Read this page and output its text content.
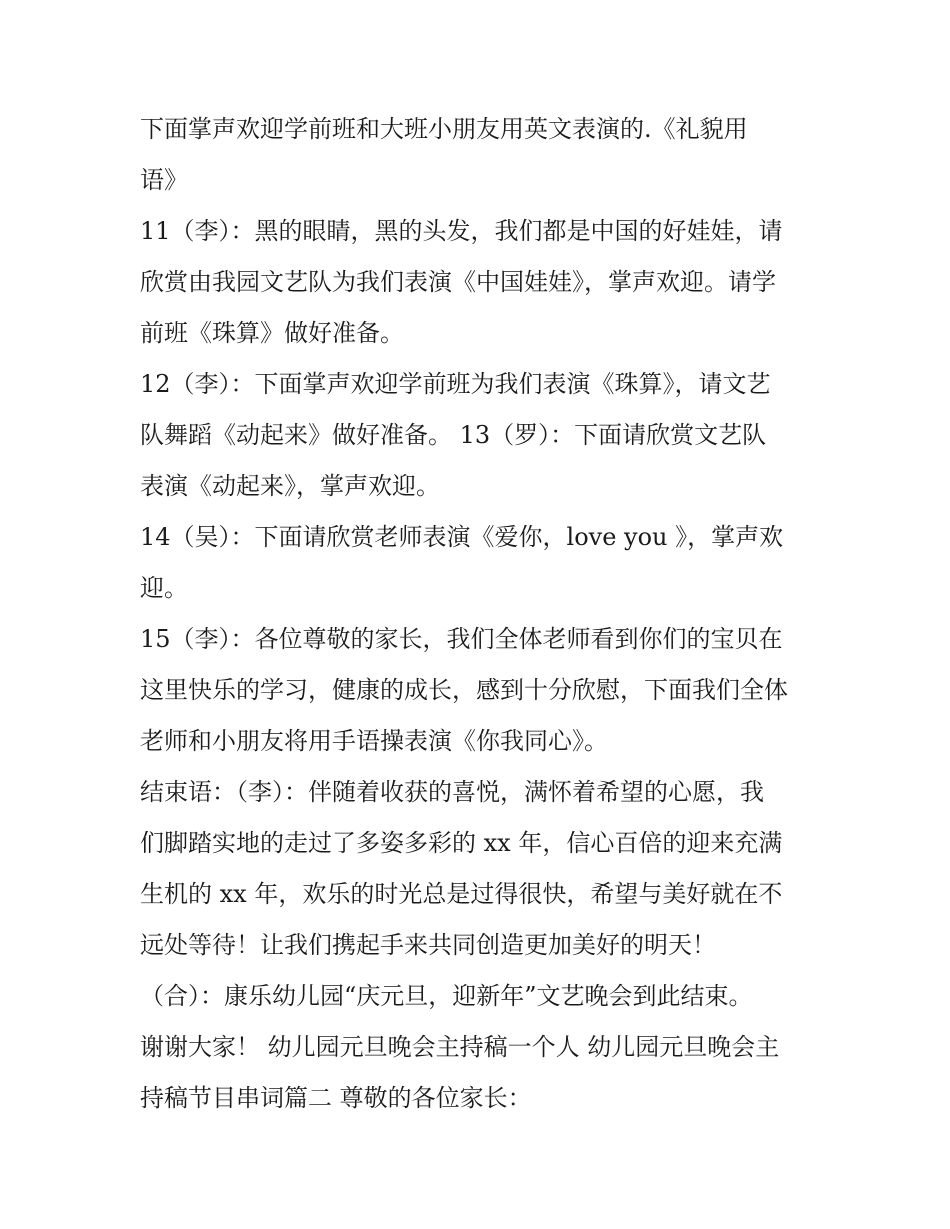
下面掌声欢迎学前班和大班小朋友用英文表演的.《礼貌用
语》
11（李）：黑的眼睛，黑的头发，我们都是中国的好娃娃，请
欣赏由我园文艺队为我们表演《中国娃娃》，掌声欢迎。请学
前班《珠算》做好准备。
12（李）：下面掌声欢迎学前班为我们表演《珠算》，请文艺
队舞蹈《动起来》做好准备。 13（罗）：下面请欣赏文艺队
表演《动起来》，掌声欢迎。
14（吴）：下面请欣赏老师表演《爱你，love you 》，掌声欢
迎。
15（李）：各位尊敬的家长，我们全体老师看到你们的宝贝在
这里快乐的学习，健康的成长，感到十分欣慰，下面我们全体
老师和小朋友将用手语操表演《你我同心》。
结束语：（李）：伴随着收获的喜悦，满怀着希望的心愿，我
们脚踏实地的走过了多姿多彩的 xx 年，信心百倍的迎来充满
生机的 xx 年，欢乐的时光总是过得很快，希望与美好就在不
远处等待！让我们携起手来共同创造更加美好的明天！
（合）：康乐幼儿园“庆元旦，迎新年”文艺晚会到此结束。
谢谢大家！ 幼儿园元旦晚会主持稿一个人 幼儿园元旦晚会主
持稿节目串词篇二 尊敬的各位家长：
